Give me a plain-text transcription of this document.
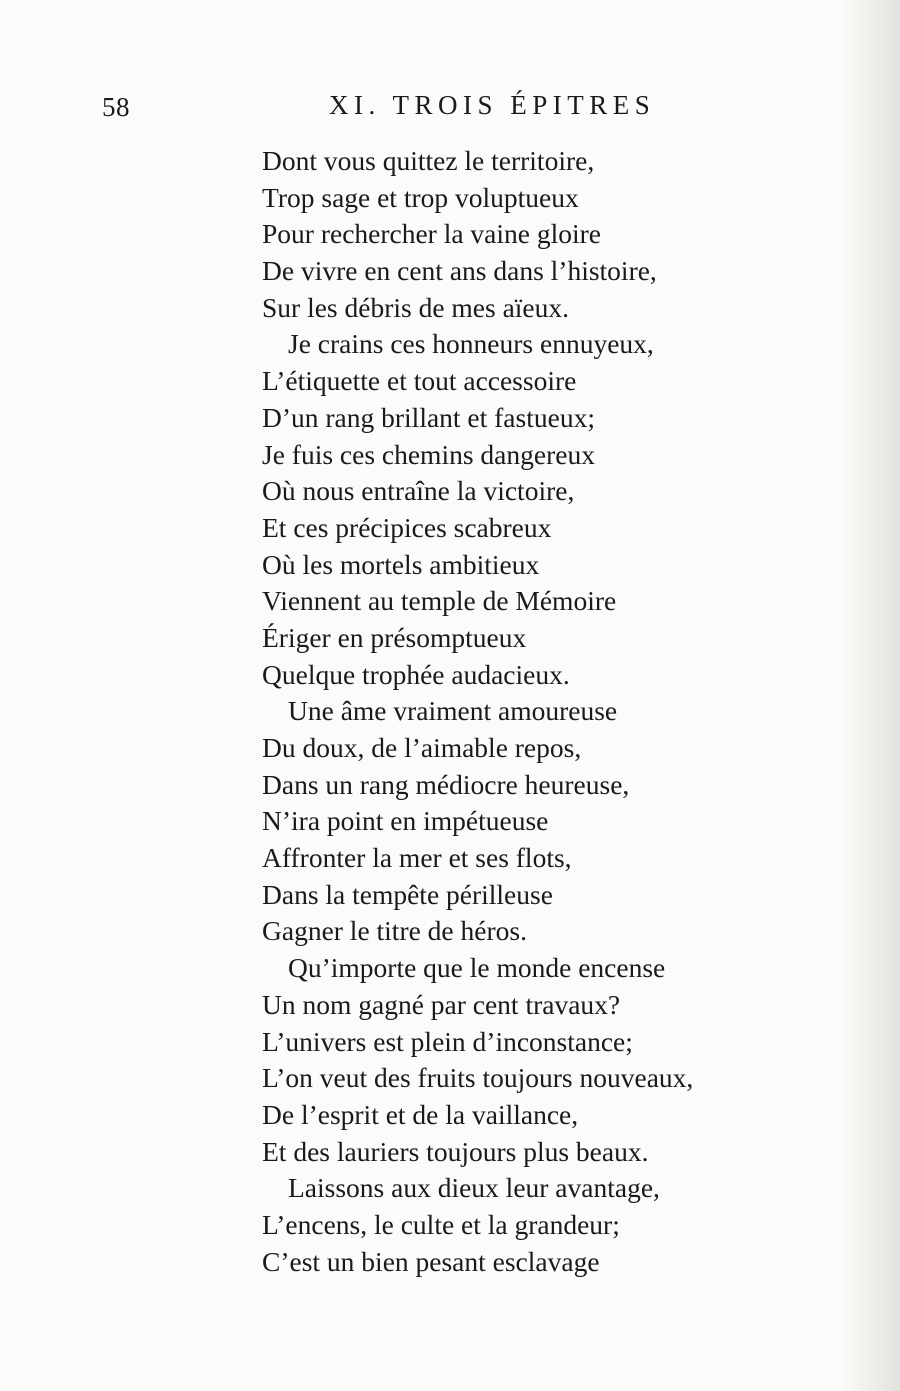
58	XI. TROIS ÉPITRES
Dont vous quittez le territoire,
Trop sage et trop voluptueux
Pour rechercher la vaine gloire
De vivre en cent ans dans l’histoire,
Sur les débris de mes aïeux.
Je crains ces honneurs ennuyeux,
L’étiquette et tout accessoire
D’un rang brillant et fastueux;
Je fuis ces chemins dangereux
Où nous entraîne la victoire,
Et ces précipices scabreux
Où les mortels ambitieux
Viennent au temple de Mémoire
Ériger en présomptueux
Quelque trophée audacieux.
Une âme vraiment amoureuse
Du doux, de l’aimable repos,
Dans un rang médiocre heureuse,
N’ira point en impétueuse
Affronter la mer et ses flots,
Dans la tempête périlleuse
Gagner le titre de héros.
Qu’importe que le monde encense
Un nom gagné par cent travaux?
L’univers est plein d’inconstance;
L’on veut des fruits toujours nouveaux,
De l’esprit et de la vaillance,
Et des lauriers toujours plus beaux.
Laissons aux dieux leur avantage,
L’encens, le culte et la grandeur;
C’est un bien pesant esclavage
